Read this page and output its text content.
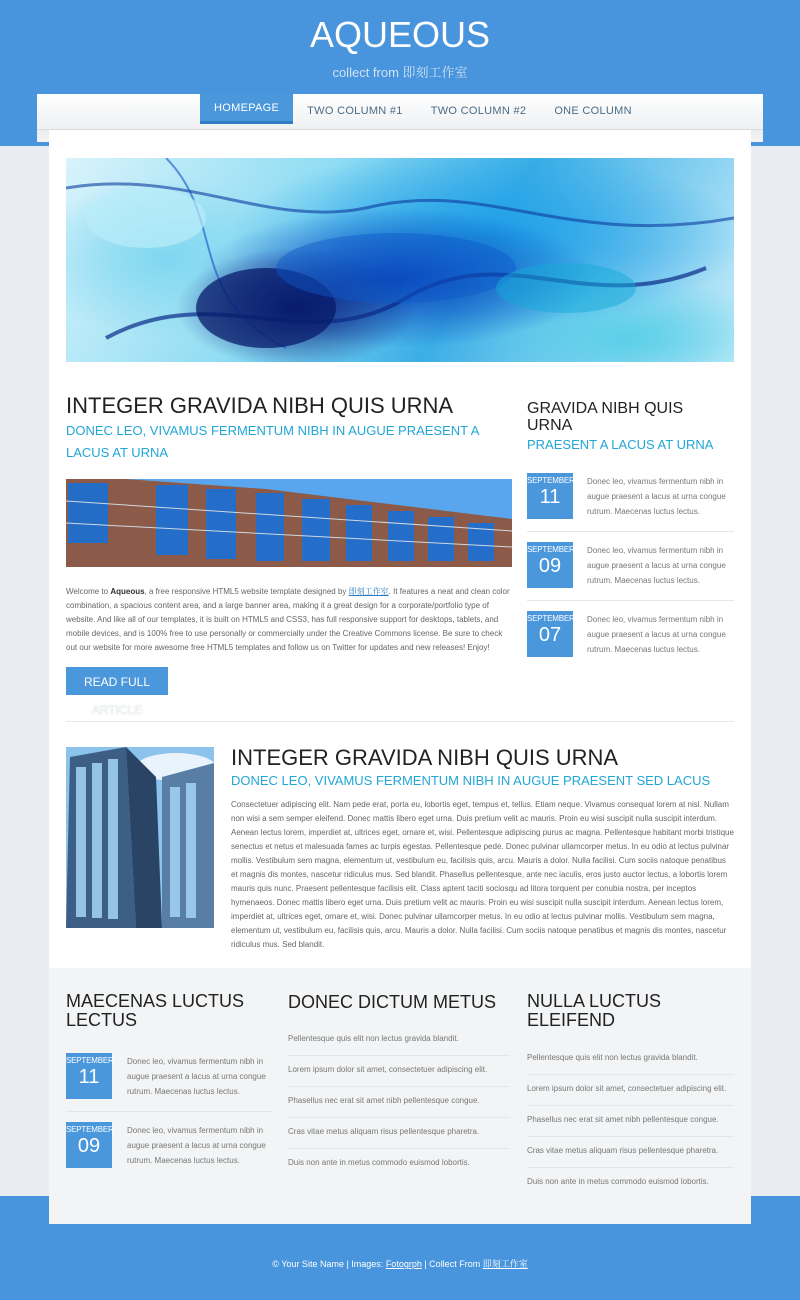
AQUEOUS
collect from 即刻工作室
HOMEPAGE	TWO COLUMN #1	TWO COLUMN #2	ONE COLUMN
INTEGER GRAVIDA NIBH QUIS URNA
DONEC LEO, VIVAMUS FERMENTUM NIBH IN AUGUE PRAESENT A LACUS AT URNA
Welcome to Aqueous, a free responsive HTML5 website template designed by 即刻工作室. It features a neat and clean color combination, a spacious content area, and a large banner area, making it a great design for a corporate/portfolio type of website. And like all of our templates, it is built on HTML5 and CSS3, has full responsive support for desktops, tablets, and mobile devices, and is 100% free to use personally or commercially under the Creative Commons license. Be sure to check out our website for more awesome free HTML5 templates and follow us on Twitter for updates and new releases! Enjoy!
READ FULL
ARTICLE
GRAVIDA NIBH QUIS URNA
PRAESENT A LACUS AT URNA
SEPTEMBER
11
Donec leo, vivamus fermentum nibh in augue praesent a lacus at urna congue rutrum. Maecenas luctus lectus.
SEPTEMBER
09
Donec leo, vivamus fermentum nibh in augue praesent a lacus at urna congue rutrum. Maecenas luctus lectus.
SEPTEMBER
07
Donec leo, vivamus fermentum nibh in augue praesent a lacus at urna congue rutrum. Maecenas luctus lectus.
INTEGER GRAVIDA NIBH QUIS URNA
DONEC LEO, VIVAMUS FERMENTUM NIBH IN AUGUE PRAESENT SED LACUS
Consectetuer adipiscing elit. Nam pede erat, porta eu, lobortis eget, tempus et, tellus. Etiam neque. Vivamus consequat lorem at nisl. Nullam non wisi a sem semper eleifend. Donec mattis libero eget urna. Duis pretium velit ac mauris. Proin eu wisi suscipit nulla suscipit interdum. Aenean lectus lorem, imperdiet at, ultrices eget, ornare et, wisi. Pellentesque adipiscing purus ac magna. Pellentesque habitant morbi tristique senectus et netus et malesuada fames ac turpis egestas. Pellentesque pede. Donec pulvinar ullamcorper metus. In eu odio at lectus pulvinar mollis. Vestibulum sem magna, elementum ut, vestibulum eu, facilisis quis, arcu. Mauris a dolor. Nulla facilisi. Cum sociis natoque penatibus et magnis dis montes, nascetur ridiculus mus. Sed blandit. Phasellus pellentesque, ante nec iaculis, eros justo auctor lectus, a lobortis lorem mauris quis nunc. Praesent pellentesque facilisis elit. Class aptent taciti sociosqu ad litora torquent per conubia nostra, per inceptos hymenaeos. Donec mattis libero eget urna. Duis pretium velit ac mauris. Proin eu wisi suscipit nulla suscipit interdum. Aenean lectus lorem, imperdiet at, ultrices eget, ornare et, wisi. Donec pulvinar ullamcorper metus. In eu odio at lectus pulvinar mollis. Vestibulum sem magna, elementum ut, vestibulum eu, facilisis quis, arcu. Mauris a dolor. Nulla facilisi. Cum sociis natoque penatibus et magnis dis montes, nascetur ridiculus mus. Sed blandit.
MAECENAS LUCTUS LECTUS
SEPTEMBER
11
Donec leo, vivamus fermentum nibh in augue praesent a lacus at urna congue rutrum. Maecenas luctus lectus.
SEPTEMBER
09
Donec leo, vivamus fermentum nibh in augue praesent a lacus at urna congue rutrum. Maecenas luctus lectus.
DONEC DICTUM METUS
Pellentesque quis elit non lectus gravida blandit.
Lorem ipsum dolor sit amet, consectetuer adipiscing elit.
Phasellus nec erat sit amet nibh pellentesque congue.
Cras vitae metus aliquam risus pellentesque pharetra.
Duis non ante in metus commodo euismod lobortis.
NULLA LUCTUS ELEIFEND
Pellentesque quis elit non lectus gravida blandit.
Lorem ipsum dolor sit amet, consectetuer adipiscing elit.
Phasellus nec erat sit amet nibh pellentesque congue.
Cras vitae metus aliquam risus pellentesque pharetra.
Duis non ante in metus commodo euismod lobortis.
© Your Site Name | Images: Fotogrph | Collect From 即刻工作室
